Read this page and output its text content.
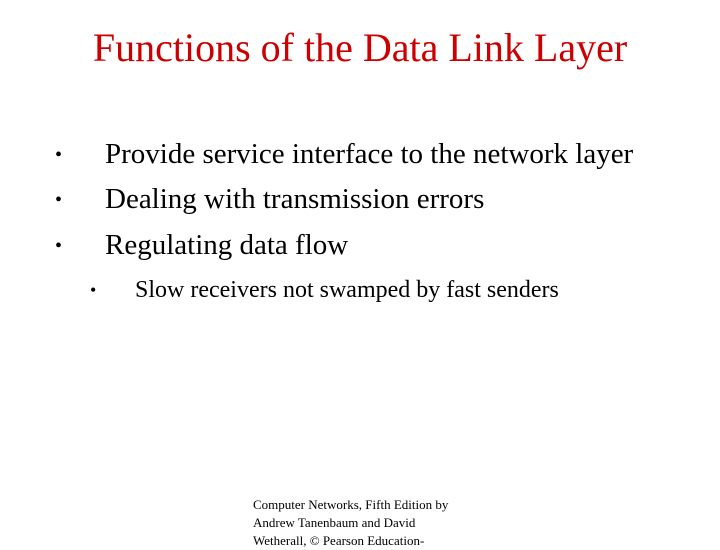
Functions of the Data Link Layer
• Provide service interface to the network layer
• Dealing with transmission errors
• Regulating data flow
• Slow receivers not swamped by fast senders
Computer Networks, Fifth Edition by
Andrew Tanenbaum and David
Wetherall, © Pearson Education-
